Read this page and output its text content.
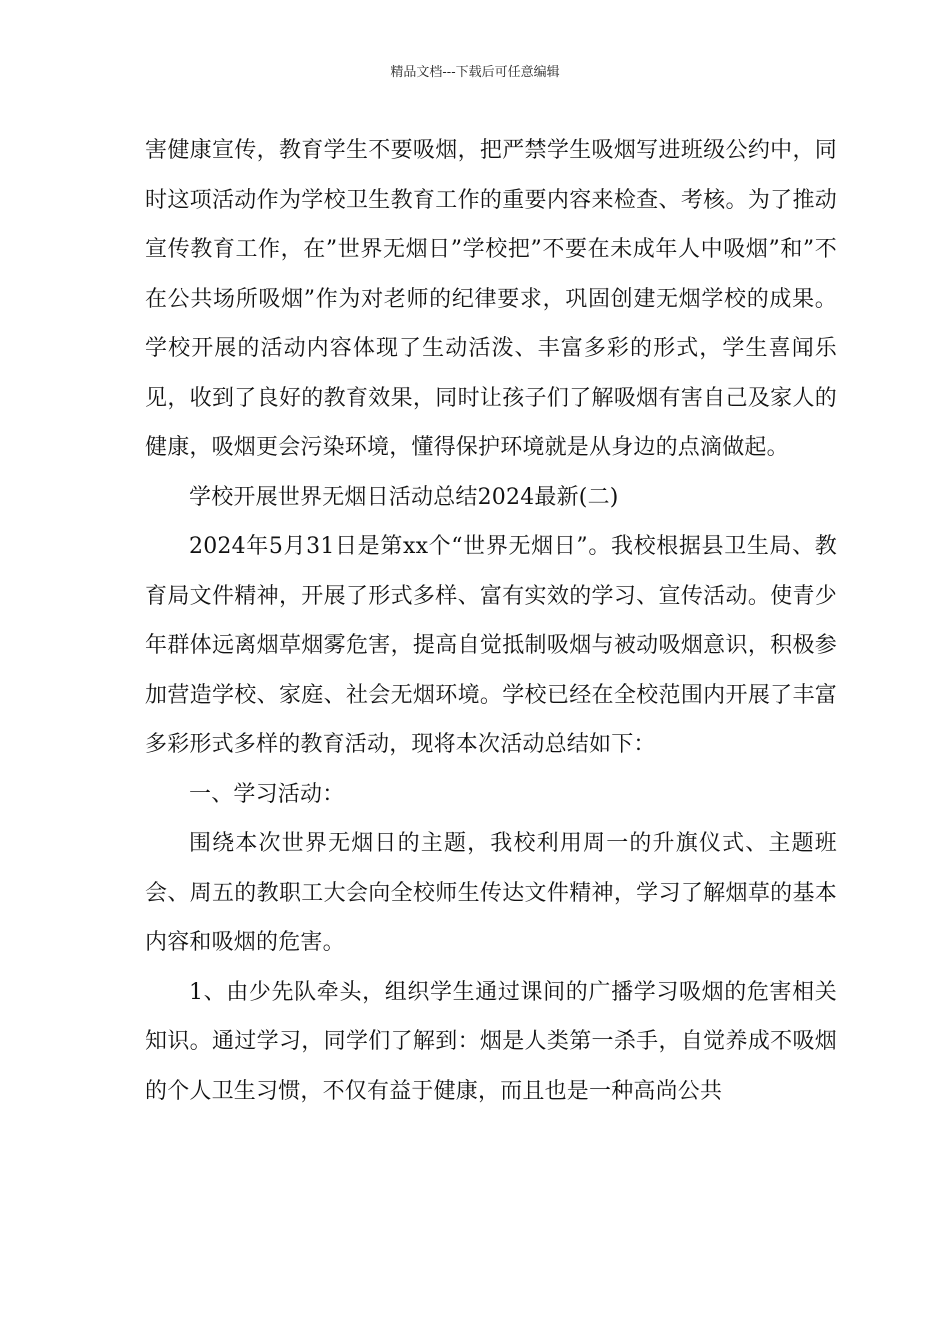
精品文档---下载后可任意编辑

害健康宣传，教育学生不要吸烟，把严禁学生吸烟写进班级公约中，同时这项活动作为学校卫生教育工作的重要内容来检查、考核。为了推动宣传教育工作，在”世界无烟日”学校把”不要在未成年人中吸烟”和”不在公共场所吸烟”作为对老师的纪律要求，巩固创建无烟学校的成果。学校开展的活动内容体现了生动活泼、丰富多彩的形式，学生喜闻乐见，收到了良好的教育效果，同时让孩子们了解吸烟有害自己及家人的健康，吸烟更会污染环境，懂得保护环境就是从身边的点滴做起。

学校开展世界无烟日活动总结2024最新(二)

2024年5月31日是第xx个“世界无烟日”。我校根据县卫生局、教育局文件精神，开展了形式多样、富有实效的学习、宣传活动。使青少年群体远离烟草烟雾危害，提高自觉抵制吸烟与被动吸烟意识，积极参加营造学校、家庭、社会无烟环境。学校已经在全校范围内开展了丰富多彩形式多样的教育活动，现将本次活动总结如下：

一、学习活动：

围绕本次世界无烟日的主题，我校利用周一的升旗仪式、主题班会、周五的教职工大会向全校师生传达文件精神，学习了解烟草的基本内容和吸烟的危害。

1、由少先队牵头，组织学生通过课间的广播学习吸烟的危害相关知识。通过学习，同学们了解到：烟是人类第一杀手，自觉养成不吸烟的个人卫生习惯，不仅有益于健康，而且也是一种高尚公共
